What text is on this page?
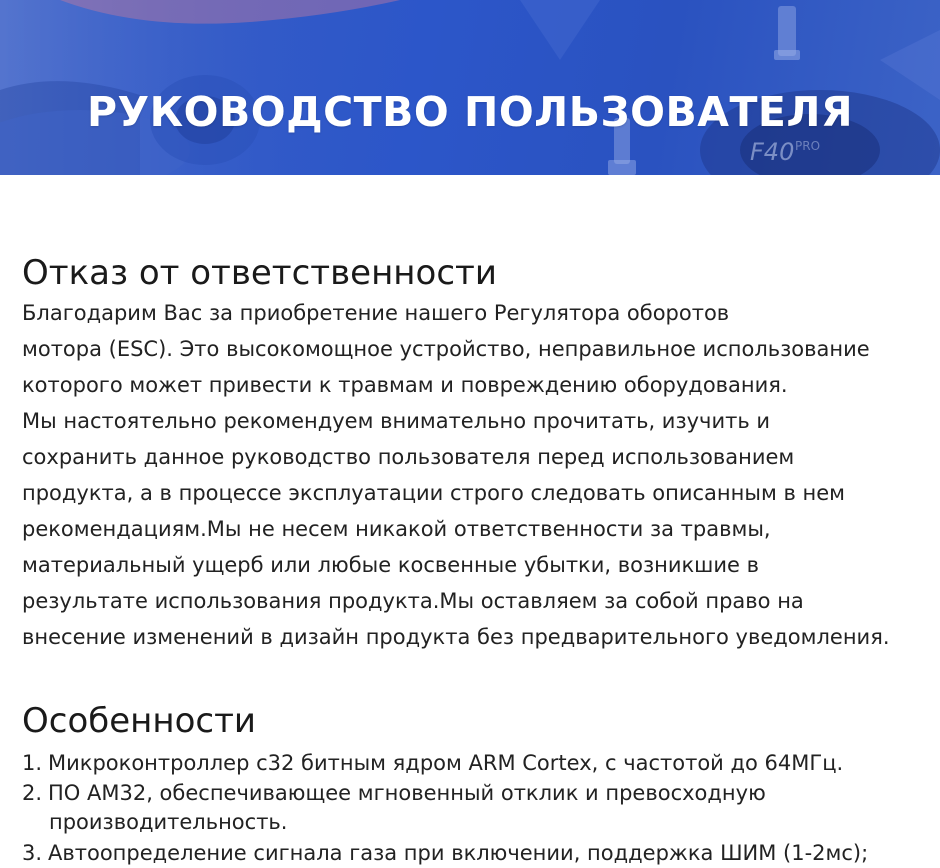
F40 PRO
РУКОВОДСТВО ПОЛЬЗОВАТЕЛЯ
Отказ от ответственности
Благодарим Вас за приобретение нашего Регулятора оборотов
мотора (ESC). Это высокомощное устройство, неправильное использование
которого может привести к травмам и повреждению оборудования.
Мы настоятельно рекомендуем внимательно прочитать, изучить и
сохранить данное руководство пользователя перед использованием
продукта, а в процессе эксплуатации строго следовать описанным в нем
рекомендациям.Мы не несем никакой ответственности за травмы,
материальный ущерб или любые косвенные убытки, возникшие в
результате использования продукта.Мы оставляем за собой право на
внесение изменений в дизайн продукта без предварительного уведомления.
Особенности
1. Микроконтроллер с32 битным ядром ARM Cortex, с частотой до 64МГц.
2. ПО AM32, обеспечивающее мгновенный отклик и превосходную
производительность.
3. Автоопределение сигнала газа при включении, поддержка ШИМ (1-2мс);
